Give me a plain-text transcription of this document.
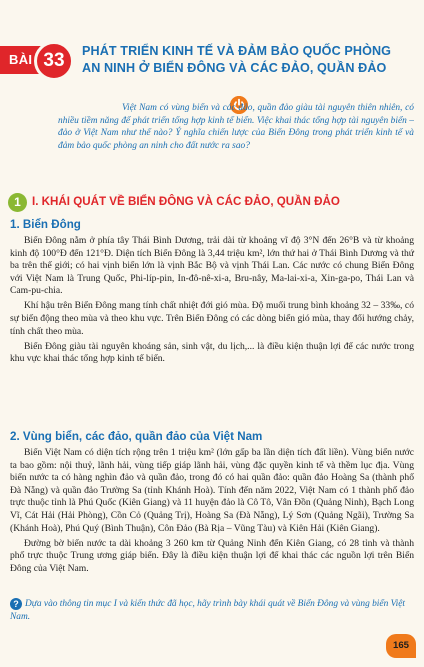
BÀI 33	PHÁT TRIỂN KINH TẾ VÀ ĐẢM BẢO QUỐC PHÒNG
AN NINH Ở BIỂN ĐÔNG VÀ CÁC ĐẢO, QUẦN ĐẢO

Việt Nam có vùng biển và các đảo, quần đảo giàu tài nguyên thiên nhiên, có nhiều tiềm năng để phát triển tổng hợp kinh tế biển. Việc khai thác tổng hợp tài nguyên biển – đảo ở Việt Nam như thế nào? Ý nghĩa chiến lược của Biển Đông trong phát triển kinh tế và đảm bảo quốc phòng an ninh cho đất nước ra sao?

1 I. KHÁI QUÁT VỀ BIỂN ĐÔNG VÀ CÁC ĐẢO, QUẦN ĐẢO
1. Biển Đông

Biển Đông nằm ở phía tây Thái Bình Dương, trải dài từ khoảng vĩ độ 3°N đến 26°B và từ khoảng kinh độ 100°Đ đến 121°Đ. Diện tích Biển Đông là 3,44 triệu km², lớn thứ hai ở Thái Bình Dương và thứ ba trên thế giới; có hai vịnh biển lớn là vịnh Bắc Bộ và vịnh Thái Lan. Các nước có chung Biển Đông với Việt Nam là Trung Quốc, Phi-líp-pin, In-đô-nê-xi-a, Bru-nây, Ma-lai-xi-a, Xin-ga-po, Thái Lan và Cam-pu-chia.

Khí hậu trên Biển Đông mang tính chất nhiệt đới gió mùa. Độ muối trung bình khoảng 32 – 33‰, có sự biến động theo mùa và theo khu vực. Trên Biển Đông có các dòng biển gió mùa, thay đổi hướng chảy, tính chất theo mùa.

Biển Đông giàu tài nguyên khoáng sản, sinh vật, du lịch,... là điều kiện thuận lợi để các nước trong khu vực khai thác tổng hợp kinh tế biển.

2. Vùng biển, các đảo, quần đảo của Việt Nam

Biển Việt Nam có diện tích rộng trên 1 triệu km² (lớn gấp ba lần diện tích đất liền). Vùng biển nước ta bao gồm: nội thuỷ, lãnh hải, vùng tiếp giáp lãnh hải, vùng đặc quyền kinh tế và thềm lục địa. Vùng biển nước ta có hàng nghìn đảo và quần đảo, trong đó có hai quần đảo: quần đảo Hoàng Sa (thành phố Đà Nẵng) và quần đảo Trường Sa (tỉnh Khánh Hoà). Tính đến năm 2022, Việt Nam có 1 thành phố đảo trực thuộc tỉnh là Phú Quốc (Kiên Giang) và 11 huyện đảo là Cô Tô, Vân Đồn (Quảng Ninh), Bạch Long Vĩ, Cát Hải (Hải Phòng), Cồn Cỏ (Quảng Trị), Hoàng Sa (Đà Nẵng), Lý Sơn (Quảng Ngãi), Trường Sa (Khánh Hoà), Phú Quý (Bình Thuận), Côn Đảo (Bà Rịa – Vũng Tàu) và Kiên Hải (Kiên Giang).

Đường bờ biển nước ta dài khoảng 3 260 km từ Quảng Ninh đến Kiên Giang, có 28 tỉnh và thành phố trực thuộc Trung ương giáp biển. Đây là điều kiện thuận lợi để khai thác các nguồn lợi trên Biển Đông của Việt Nam.

? Dựa vào thông tin mục I và kiến thức đã học, hãy trình bày khái quát về Biển Đông và vùng biển Việt Nam.
165
